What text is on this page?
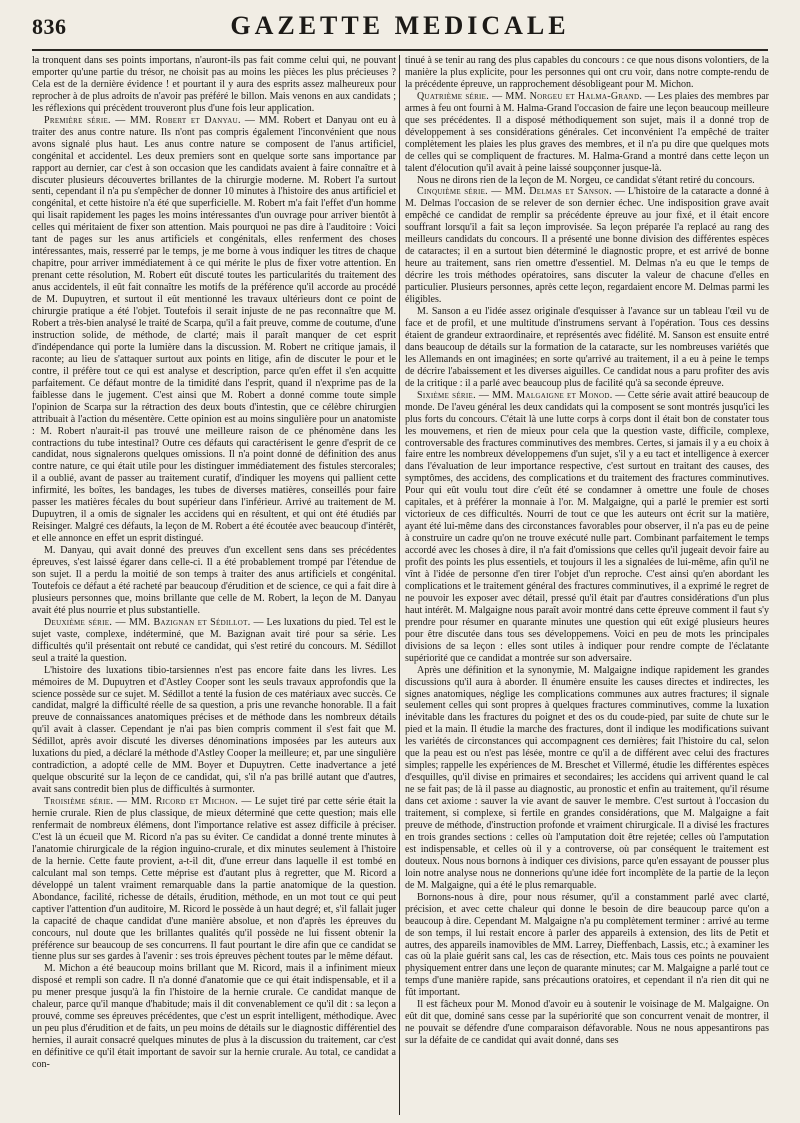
836	GAZETTE MEDICALE

la tronquent dans ses points importans, n'auront-ils pas fait comme celui qui, ne pouvant emporter qu'une partie du trésor, ne choisit pas au moins les pièces les plus précieuses ? Cela est de la dernière évidence ! et pourtant il y aura des esprits assez malheureux pour reprocher à de plus adroits de n'avoir pas préféré le billon. Mais venons en aux candidats ; les réflexions qui précèdent trouveront plus d'une fois leur application.

Première série. — MM. Robert et Danyau. — MM. Robert et Danyau ont eu à traiter des anus contre nature. Ils n'ont pas compris également l'inconvénient que nous avons signalé plus haut. Les anus contre nature se composent de l'anus artificiel, congénital et accidentel. Les deux premiers sont en quelque sorte sans importance par rapport au dernier, car c'est à son occasion que les candidats avaient à faire connaître et à discuter plusieurs découvertes brillantes de la chirurgie moderne. M. Robert l'a surtout senti, cependant il n'a pu s'empêcher de donner 10 minutes à l'histoire des anus artificiel et congénital, et cette histoire n'a été que superficielle. M. Robert m'a fait l'effet d'un homme qui lisait rapidement les pages les moins intéressantes d'un ouvrage pour arriver bientôt à celles qui méritaient de fixer son attention. Mais pourquoi ne pas dire à l'auditoire : Voici tant de pages sur les anus artificiels et congénitals, elles renferment des choses intéressantes, mais, resserré par le temps, je me borne à vous indiquer les titres de chaque chapitre, pour arriver immédiatement à ce qui mérite le plus de fixer votre attention. En prenant cette résolution, M. Robert eût discuté toutes les particularités du traitement des anus accidentels, il eût fait connaître les motifs de la préférence qu'il accorde au procédé de M. Dupuytren, et surtout il eût mentionné les travaux ultérieurs dont ce point de chirurgie pratique a été l'objet. Toutefois il serait injuste de ne pas reconnaître que M. Robert a très-bien analysé le traité de Scarpa, qu'il a fait preuve, comme de coutume, d'une instruction solide, de méthode, de clarté; mais il paraît manquer de cet esprit d'indépendance qui porte la lumière dans la discussion. M. Robert ne critique jamais, il raconte; au lieu de s'attaquer surtout aux points en litige, afin de discuter le pour et le contre, il préfère tout ce qui est analyse et description, parce qu'en effet il s'en acquitte parfaitement. Ce défaut montre de la timidité dans l'esprit, quand il n'exprime pas de la faiblesse dans le jugement. C'est ainsi que M. Robert a donné comme toute simple l'opinion de Scarpa sur la rétraction des deux bouts d'intestin, que ce célèbre chirurgien attribuait à l'action du mésentère. Cette opinion est au moins singulière pour un anatomiste : M. Robert n'aurait-il pas trouvé une meilleure raison de ce phénomène dans les contractions du tube intestinal? Outre ces défauts qui caractérisent le genre d'esprit de ce candidat, nous signalerons quelques omissions. Il n'a point donné de définition des anus contre nature, ce qui était utile pour les distinguer immédiatement des fistules stercorales; il a oublié, avant de passer au traitement curatif, d'indiquer les moyens qui pallient cette infirmité, les boîtes, les bandages, les tubes de diverses matières, conseillés pour faire passer les matières fécales du bout supérieur dans l'inférieur. Arrivé au traitement de M. Dupuytren, il a omis de signaler les accidens qui en résultent, et qui ont été étudiés par Reisinger. Malgré ces défauts, la leçon de M. Robert a été écoutée avec beaucoup d'intérêt, et elle annonce en effet un esprit distingué.

M. Danyau, qui avait donné des preuves d'un excellent sens dans ses précédentes épreuves, s'est laissé égarer dans celle-ci. Il a été probablement trompé par l'étendue de son sujet. Il a perdu la moitié de son temps à traiter des anus artificiels et congénital. Toutefois ce défaut a été racheté par beaucoup d'érudition et de science, ce qui a fait dire à plusieurs personnes que, moins brillante que celle de M. Robert, la leçon de M. Danyau avait été plus nourrie et plus substantielle.

Deuxième série. — MM. Bazignan et Sédillot. — Les luxations du pied. Tel est le sujet vaste, complexe, indéterminé, que M. Bazignan avait tiré pour sa série. Les difficultés qu'il présentait ont rebuté ce candidat, qui s'est retiré du concours. M. Sédillot seul a traité la question.

L'histoire des luxations tibio-tarsiennes n'est pas encore faite dans les livres. Les mémoires de M. Dupuytren et d'Astley Cooper sont les seuls travaux approfondis que la science possède sur ce sujet. M. Sédillot a tenté la fusion de ces matériaux avec succès. Ce candidat, malgré la difficulté réelle de sa question, a pris une revanche honorable. Il a fait preuve de connaissances anatomiques précises et de méthode dans les nombreux détails qu'il avait à classer. Cependant je n'ai pas bien compris comment il s'est fait que M. Sédillot, après avoir discuté les diverses dénominations imposées par les auteurs aux luxations du pied, a déclaré la méthode d'Astley Cooper la meilleure; et, par une singulière contradiction, a adopté celle de MM. Boyer et Dupuytren. Cette inadvertance a jeté quelque obscurité sur la leçon de ce candidat, qui, s'il n'a pas brillé autant que d'autres, avait sans contredit bien plus de difficultés à surmonter.

Troisième série. — MM. Ricord et Michon. — Le sujet tiré par cette série était la hernie crurale. Rien de plus classique, de mieux déterminé que cette question; mais elle renfermait de nombreux élémens, dont l'importance relative est assez difficile à préciser. C'est là un écueil que M. Ricord n'a pas su éviter. Ce candidat a donné trente minutes à l'anatomie chirurgicale de la région inguino-crurale, et dix minutes seulement à l'histoire de la hernie. Cette faute provient, a-t-il dit, d'une erreur dans laquelle il est tombé en calculant mal son temps. Cette méprise est d'autant plus à regretter, que M. Ricord a développé un talent vraiment remarquable dans la partie anatomique de la question. Abondance, facilité, richesse de détails, érudition, méthode, en un mot tout ce qui peut captiver l'attention d'un auditoire, M. Ricord le possède à un haut degré; et, s'il fallait juger la capacité de chaque candidat d'une manière absolue, et non d'après les épreuves du concours, nul doute que les brillantes qualités qu'il possède ne lui fissent obtenir la préférence sur beaucoup de ses concurrens. Il faut pourtant le dire afin que ce candidat se tienne plus sur ses gardes à l'avenir : ses trois épreuves pèchent toutes par le même défaut.

M. Michon a été beaucoup moins brillant que M. Ricord, mais il a infiniment mieux disposé et rempli son cadre. Il n'a donné d'anatomie que ce qui était indispensable, et il a pu mener presque jusqu'à la fin l'histoire de la hernie crurale. Ce candidat manque de chaleur, parce qu'il manque d'habitude; mais il dit convenablement ce qu'il dit : sa leçon a prouvé, comme ses épreuves précédentes, que c'est un esprit intelligent, méthodique. Avec un peu plus d'érudition et de faits, un peu moins de détails sur le diagnostic différentiel des hernies, il aurait consacré quelques minutes de plus à la discussion du traitement, car c'est en définitive ce qu'il était important de savoir sur la hernie crurale. Au total, ce candidat a con-

tinué à se tenir au rang des plus capables du concours : ce que nous disons volontiers, de la manière la plus explicite, pour les personnes qui ont cru voir, dans notre compte-rendu de la précédente épreuve, un rapprochement désobligeant pour M. Michon.

Quatrième série. — MM. Norgeu et Halma-Grand. — Les plaies des membres par armes à feu ont fourni à M. Halma-Grand l'occasion de faire une leçon beaucoup meilleure que ses précédentes. Il a disposé méthodiquement son sujet, mais il a donné trop de développement à ses considérations générales. Cet inconvénient l'a empêché de traiter complètement les plaies les plus graves des membres, et il n'a pu dire que quelques mots de celles qui se compliquent de fractures. M. Halma-Grand a montré dans cette leçon un talent d'élocution qu'il avait à peine laissé soupçonner jusque-là.

Nous ne dirons rien de la leçon de M. Norgeu, ce candidat s'étant retiré du concours.

Cinquième série. — MM. Delmas et Sanson. — L'histoire de la cataracte a donné à M. Delmas l'occasion de se relever de son dernier échec. Une indisposition grave avait empêché ce candidat de remplir sa précédente épreuve au jour fixé, et il était encore souffrant lorsqu'il a fait sa leçon improvisée. Sa leçon préparée l'a replacé au rang des meilleurs candidats du concours. Il a présenté une bonne division des différentes espèces de cataractes; il en a surtout bien déterminé le diagnostic propre, et est arrivé de bonne heure au traitement, sans rien omettre d'essentiel. M. Delmas n'a eu que le temps de décrire les trois méthodes opératoires, sans discuter la valeur de chacune d'elles en particulier. Plusieurs personnes, après cette leçon, regardaient encore M. Delmas parmi les éligibles.

M. Sanson a eu l'idée assez originale d'esquisser à l'avance sur un tableau l'œil vu de face et de profil, et une multitude d'instrumens servant à l'opération. Tous ces dessins étaient de grandeur extraordinaire, et représentés avec fidélité. M. Sanson est ensuite entré dans beaucoup de détails sur la formation de la cataracte, sur les nombreuses variétés que les Allemands en ont imaginées; en sorte qu'arrivé au traitement, il a eu à peine le temps de décrire l'abaissement et les diverses aiguilles. Ce candidat nous a paru profiter des avis de la critique : il a parlé avec beaucoup plus de facilité qu'à sa seconde épreuve.

Sixième série. — MM. Malgaigne et Monod. — Cette série avait attiré beaucoup de monde. De l'aveu général les deux candidats qui la composent se sont montrés jusqu'ici les plus forts du concours. C'était là une lutte corps à corps dont il était bon de constater tous les mouvemens, et rien de mieux pour cela que la question vaste, difficile, complexe, controversable des fractures comminutives des membres. Certes, si jamais il y a eu choix à faire entre les nombreux développemens d'un sujet, s'il y a eu tact et intelligence à exercer dans l'évaluation de leur importance respective, c'est surtout en traitant des causes, des symptômes, des accidens, des complications et du traitement des fractures comminutives. Pour qui eût voulu tout dire c'eût été se condamner à omettre une foule de choses capitales, et à préférer la monnaie à l'or. M. Malgaigne, qui a parlé le premier est sorti victorieux de ces difficultés. Nourri de tout ce que les auteurs ont écrit sur la matière, ayant été lui-même dans des circonstances favorables pour observer, il n'a pas eu de peine à construire un cadre qu'on ne trouve exécuté nulle part. Combinant parfaitement le temps accordé avec les choses à dire, il n'a fait d'omissions que celles qu'il jugeait devoir faire au profit des points les plus essentiels, et toujours il les a signalées de lui-même, afin qu'il ne vînt à l'idée de personne d'en tirer l'objet d'un reproche. C'est ainsi qu'en abordant les complications et le traitement général des fractures comminutives, il a exprimé le regret de ne pouvoir les exposer avec détail, pressé qu'il était par d'autres considérations d'un plus haut intérêt. M. Malgaigne nous paraît avoir montré dans cette épreuve comment il faut s'y prendre pour résumer en quarante minutes une question qui eût exigé plusieurs heures pour être discutée dans tous ses développemens. Voici en peu de mots les principales divisions de sa leçon : elles sont utiles à indiquer pour rendre compte de l'éclatante supériorité que ce candidat a montrée sur son adversaire.

Après une définition et la synonymie, M. Malgaigne indique rapidement les grandes discussions qu'il aura à aborder. Il énumère ensuite les causes directes et indirectes, les signes anatomiques, néglige les complications communes aux autres fractures; il signale seulement celles qui sont propres à quelques fractures comminutives, comme la luxation inévitable dans les fractures du poignet et des os du coude-pied, par suite de chute sur le pied et la main. Il étudie la marche des fractures, dont il indique les modifications suivant les variétés de circonstances qui accompagnent ces dernières; fait l'histoire du cal, selon que la peau est ou n'est pas lésée, montre ce qu'il a de différent avec celui des fractures simples; rappelle les expériences de M. Breschet et Villermé, étudie les différentes espèces d'esquilles, qu'il divise en primaires et secondaires; les accidens qui arrivent quand le cal ne se fait pas; de là il passe au diagnostic, au pronostic et enfin au traitement, qu'il résume dans cet axiome : sauver la vie avant de sauver le membre. C'est surtout à l'occasion du traitement, si complexe, si fertile en grandes considérations, que M. Malgaigne a fait preuve de méthode, d'instruction profonde et vraiment chirurgicale. Il a divisé les fractures en trois grandes sections : celles où l'amputation doit être rejetée; celles où l'amputation est indispensable, et celles où il y a controverse, où par conséquent le traitement est douteux. Nous nous bornons à indiquer ces divisions, parce qu'en essayant de pousser plus loin notre analyse nous ne donnerions qu'une idée fort incomplète de la partie de la leçon de M. Malgaigne, qui a été le plus remarquable.

Bornons-nous à dire, pour nous résumer, qu'il a constamment parlé avec clarté, précision, et avec cette chaleur qui donne le besoin de dire beaucoup parce qu'on a beaucoup à dire. Cependant M. Malgaigne n'a pu complètement terminer : arrivé au terme de son temps, il lui restait encore à parler des appareils à extension, des lits de Petit et autres, des appareils inamovibles de MM. Larrey, Dieffenbach, Lassis, etc.; à examiner les cas où la plaie guérit sans cal, les cas de résection, etc. Mais tous ces points ne pouvaient physiquement entrer dans une leçon de quarante minutes; car M. Malgaigne a parlé tout ce temps d'une manière rapide, sans précautions oratoires, et cependant il n'a rien dit qui ne fût important.

Il est fâcheux pour M. Monod d'avoir eu à soutenir le voisinage de M. Malgaigne. On eût dit que, dominé sans cesse par la supériorité que son concurrent venait de montrer, il ne pouvait se défendre d'une comparaison défavorable. Nous ne nous appesantirons pas sur la défaite de ce candidat qui avait donné, dans ses
